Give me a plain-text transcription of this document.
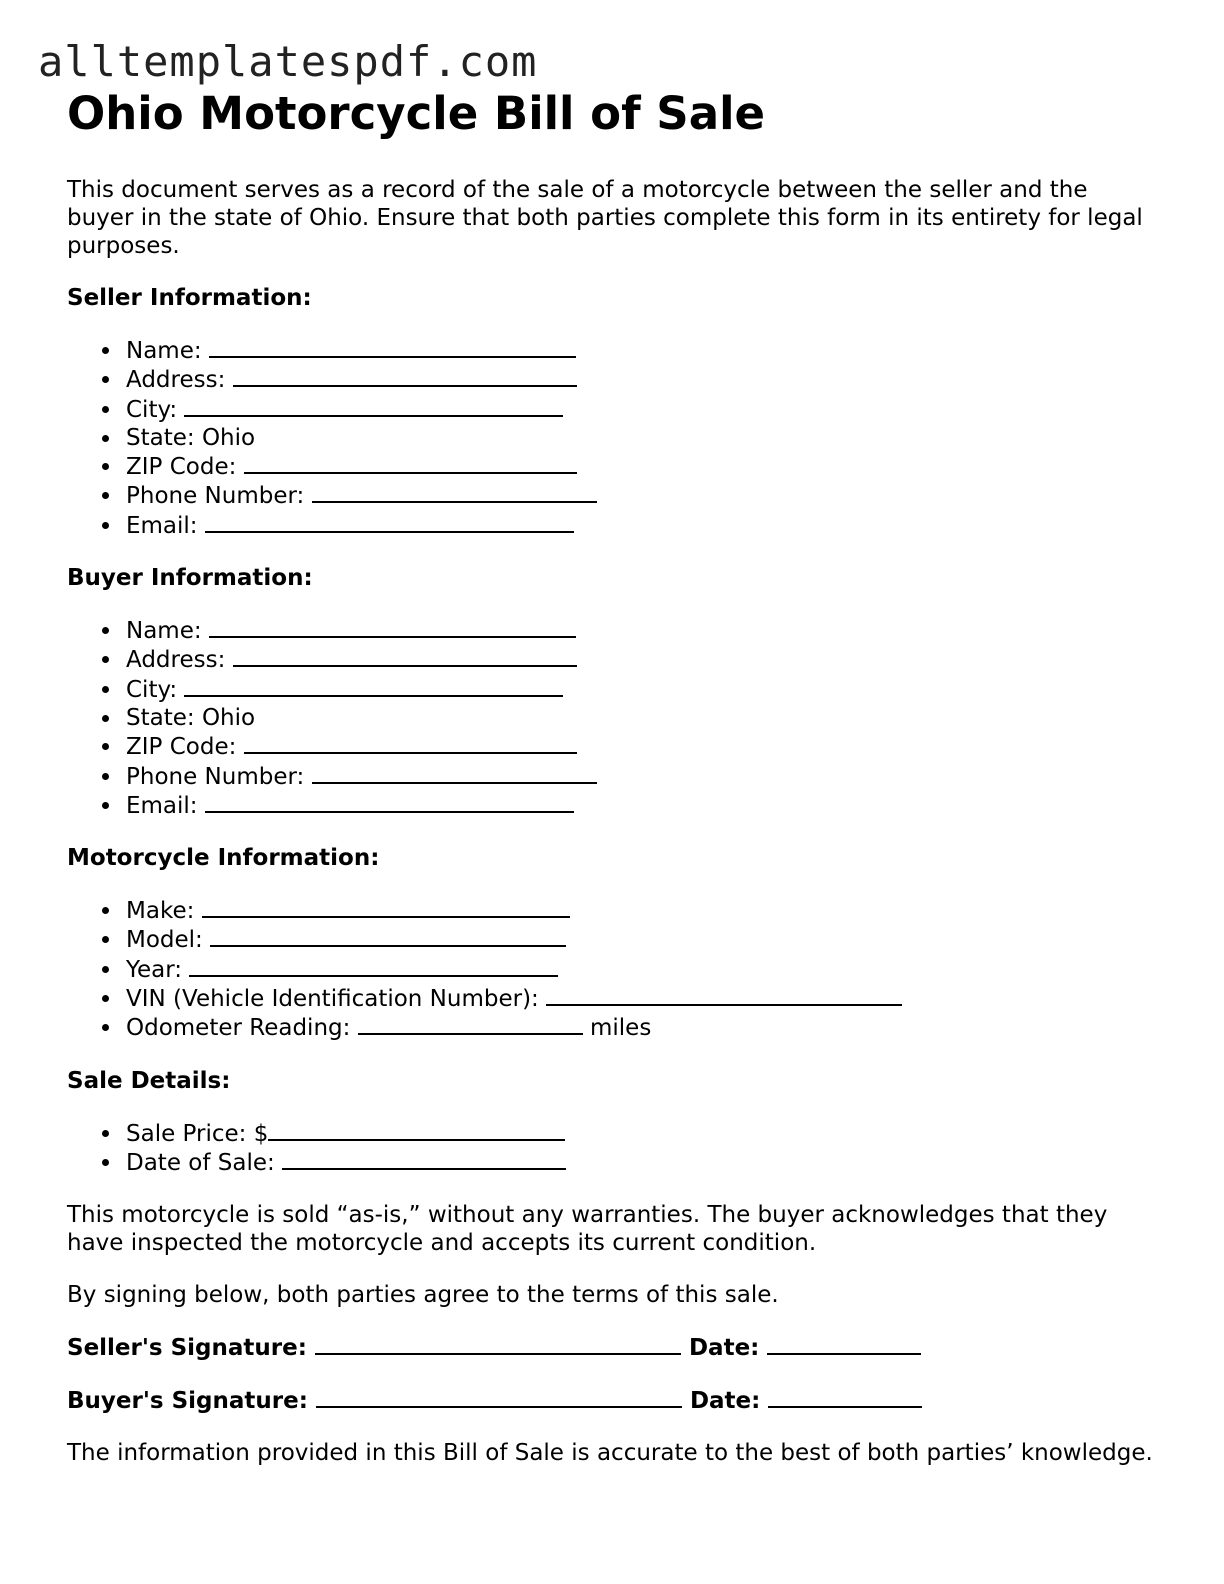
alltemplatespdf.com
Ohio Motorcycle Bill of Sale

This document serves as a record of the sale of a motorcycle between the seller and the buyer in the state of Ohio. Ensure that both parties complete this form in its entirety for legal purposes.

Seller Information:
Name:
Address:
City:
State: Ohio
ZIP Code:
Phone Number:
Email:
Buyer Information:
Name:
Address:
City:
State: Ohio
ZIP Code:
Phone Number:
Email:
Motorcycle Information:
Make:
Model:
Year:
VIN (Vehicle Identification Number):
Odometer Reading:	miles
Sale Details:
Sale Price: $
Date of Sale:

This motorcycle is sold “as-is,” without any warranties. The buyer acknowledges that they have inspected the motorcycle and accepts its current condition.

By signing below, both parties agree to the terms of this sale.

Seller's Signature:	Date:
Buyer's Signature:	Date:

The information provided in this Bill of Sale is accurate to the best of both parties’ knowledge.
